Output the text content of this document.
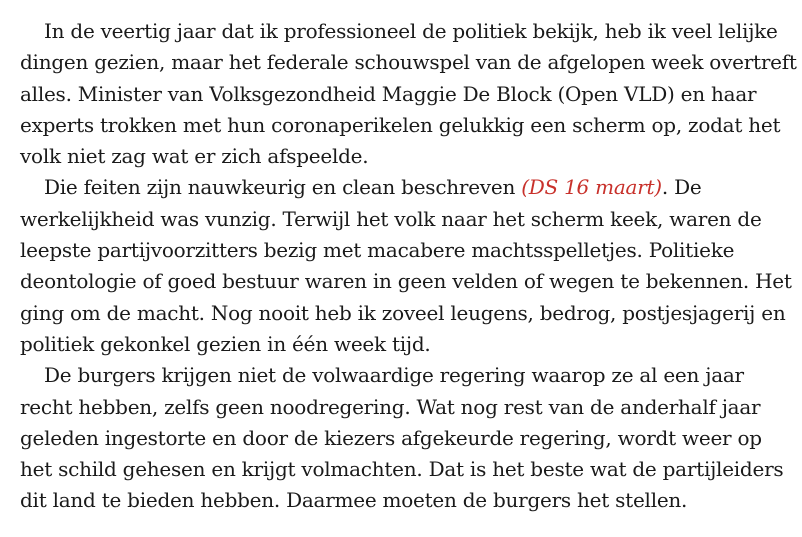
In de veertig jaar dat ik professioneel de politiek bekijk, heb ik veel lelijke dingen gezien, maar het federale schouwspel van de afgelopen week overtreft alles. Minister van Volksgezondheid Maggie De Block (Open VLD) en haar experts trokken met hun coronaperikelen gelukkig een scherm op, zodat het volk niet zag wat er zich afspeelde.

Die feiten zijn nauwkeurig en clean beschreven (DS 16 maart). De werkelijkheid was vunzig. Terwijl het volk naar het scherm keek, waren de leepste partijvoorzitters bezig met macabere machtsspelletjes. Politieke deontologie of goed bestuur waren in geen velden of wegen te bekennen. Het ging om de macht. Nog nooit heb ik zoveel leugens, bedrog, postjesjagerij en politiek gekonkel gezien in één week tijd.

De burgers krijgen niet de volwaardige regering waarop ze al een jaar recht hebben, zelfs geen noodregering. Wat nog rest van de anderhalf jaar geleden ingestorte en door de kiezers afgekeurde regering, wordt weer op het schild gehesen en krijgt volmachten. Dat is het beste wat de partijleiders dit land te bieden hebben. Daarmee moeten de burgers het stellen.
